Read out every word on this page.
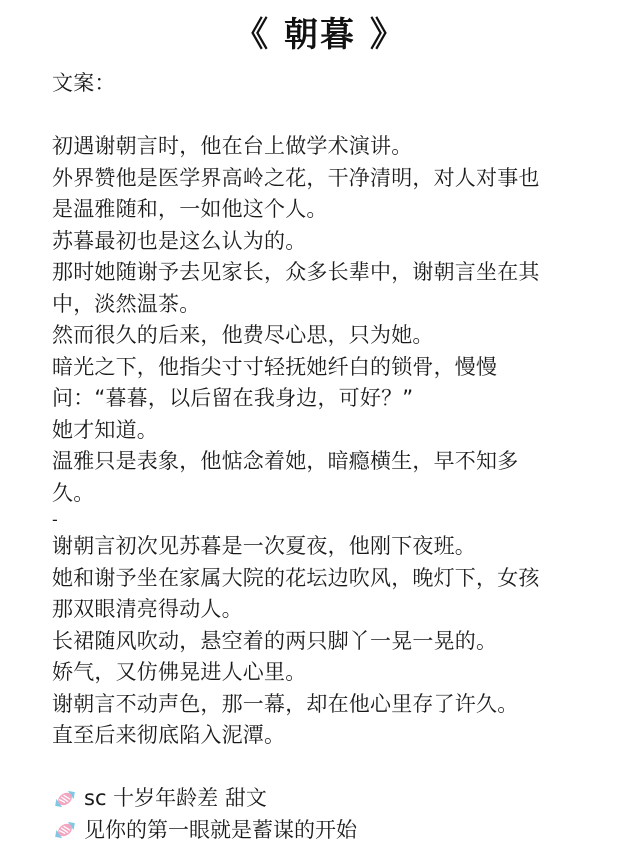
《 朝暮 》
文案：
初遇谢朝言时，他在台上做学术演讲。
外界赞他是医学界高岭之花，干净清明，对人对事也
是温雅随和，一如他这个人。
苏暮最初也是这么认为的。
那时她随谢予去见家长，众多长辈中，谢朝言坐在其
中，淡然温茶。
然而很久的后来，他费尽心思，只为她。
暗光之下，他指尖寸寸轻抚她纤白的锁骨，慢慢
问：“暮暮，以后留在我身边，可好？”
她才知道。
温雅只是表象，他惦念着她，暗瘾横生，早不知多
久。
-
谢朝言初次见苏暮是一次夏夜，他刚下夜班。
她和谢予坐在家属大院的花坛边吹风，晚灯下，女孩
那双眼清亮得动人。
长裙随风吹动，悬空着的两只脚丫一晃一晃的。
娇气，又仿佛晃进人心里。
谢朝言不动声色，那一幕，却在他心里存了许久。
直至后来彻底陷入泥潭。
sc 十岁年龄差 甜文
见你的第一眼就是蓄谋的开始
